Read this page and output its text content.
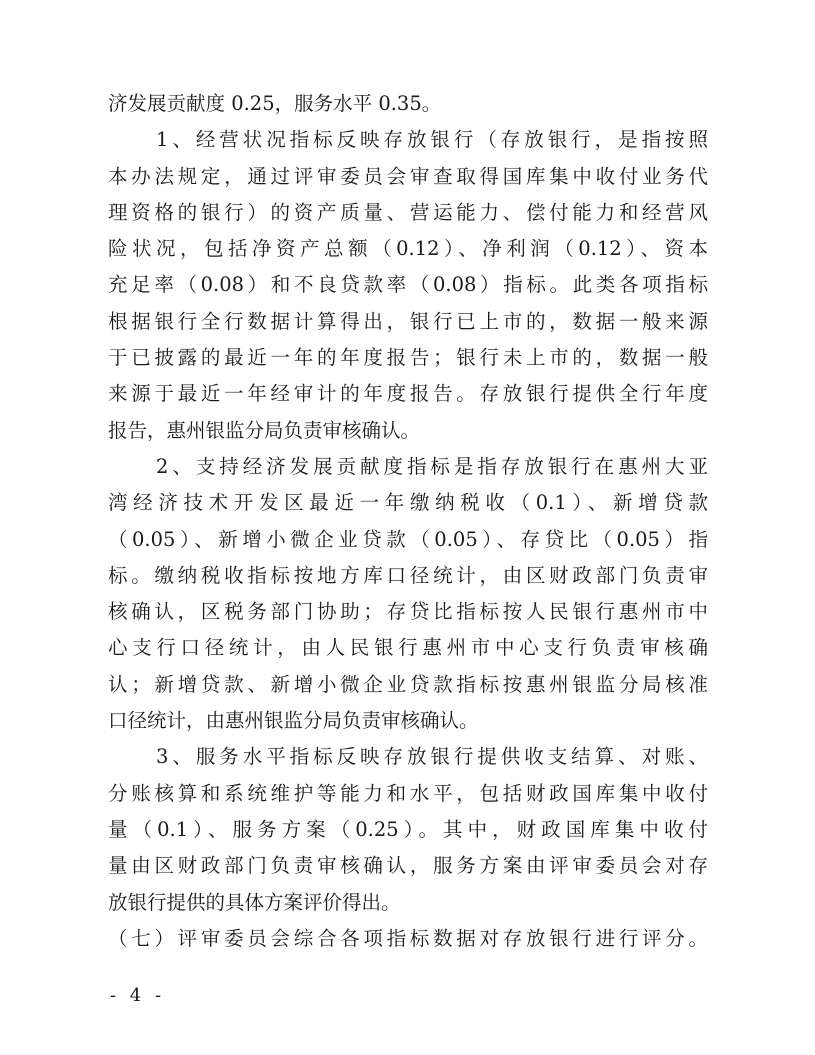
济发展贡献度 0.25，服务水平 0.35。
1、经营状况指标反映存放银行（存放银行，是指按照
本办法规定，通过评审委员会审查取得国库集中收付业务代
理资格的银行）的资产质量、营运能力、偿付能力和经营风
险状况，包括净资产总额（0.12）、净利润（0.12）、资本
充足率（0.08）和不良贷款率（0.08）指标。此类各项指标
根据银行全行数据计算得出，银行已上市的，数据一般来源
于已披露的最近一年的年度报告；银行未上市的，数据一般
来源于最近一年经审计的年度报告。存放银行提供全行年度
报告，惠州银监分局负责审核确认。
2、支持经济发展贡献度指标是指存放银行在惠州大亚
湾经济技术开发区最近一年缴纳税收（0.1）、新增贷款
（0.05）、新增小微企业贷款（0.05）、存贷比（0.05）指
标。缴纳税收指标按地方库口径统计，由区财政部门负责审
核确认，区税务部门协助；存贷比指标按人民银行惠州市中
心支行口径统计，由人民银行惠州市中心支行负责审核确
认；新增贷款、新增小微企业贷款指标按惠州银监分局核准
口径统计，由惠州银监分局负责审核确认。
3、服务水平指标反映存放银行提供收支结算、对账、
分账核算和系统维护等能力和水平，包括财政国库集中收付
量（0.1）、服务方案（0.25）。其中，财政国库集中收付
量由区财政部门负责审核确认，服务方案由评审委员会对存
放银行提供的具体方案评价得出。
（七）评审委员会综合各项指标数据对存放银行进行评分。
- 4 -
